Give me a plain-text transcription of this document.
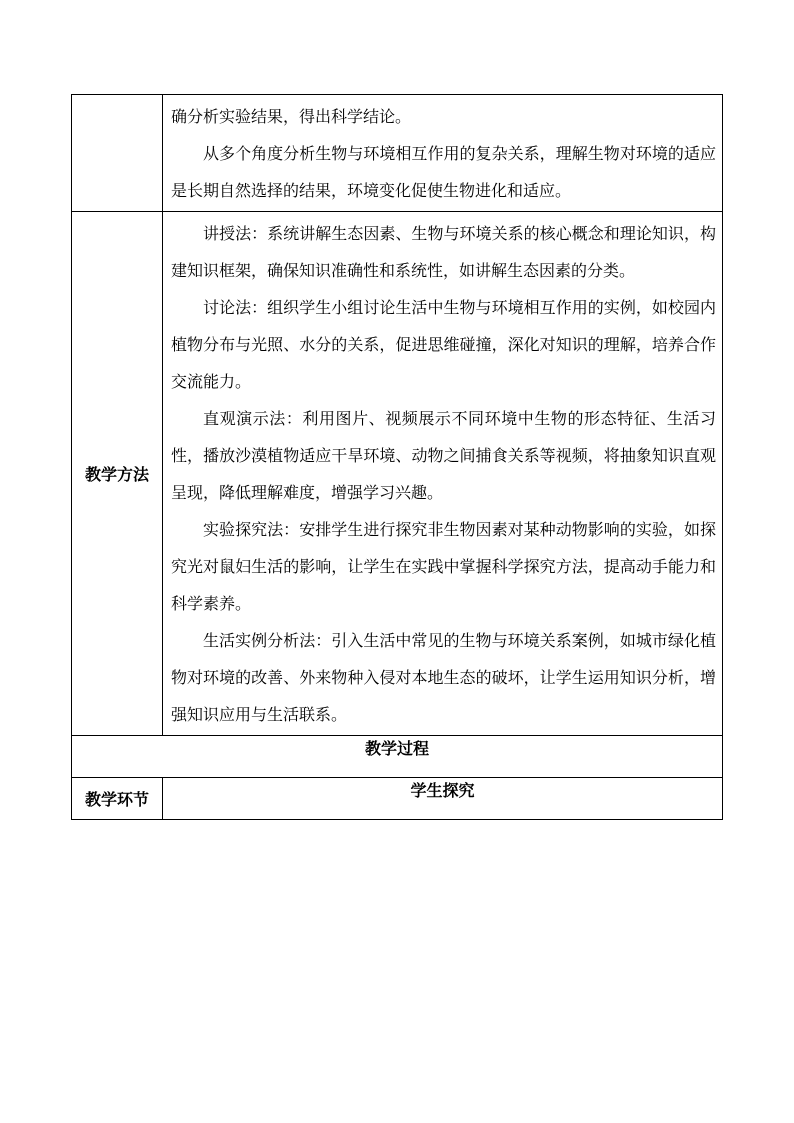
	确分析实验结果，得出科学结论。

从多个角度分析生物与环境相互作用的复杂关系，理解生物对环境的适应是长期自然选择的结果，环境变化促使生物进化和适应。

教学方法	讲授法：系统讲解生态因素、生物与环境关系的核心概念和理论知识，构建知识框架，确保知识准确性和系统性，如讲解生态因素的分类。

讨论法：组织学生小组讨论生活中生物与环境相互作用的实例，如校园内植物分布与光照、水分的关系，促进思维碰撞，深化对知识的理解，培养合作交流能力。

直观演示法：利用图片、视频展示不同环境中生物的形态特征、生活习性，播放沙漠植物适应干旱环境、动物之间捕食关系等视频，将抽象知识直观呈现，降低理解难度，增强学习兴趣。

实验探究法：安排学生进行探究非生物因素对某种动物影响的实验，如探究光对鼠妇生活的影响，让学生在实践中掌握科学探究方法，提高动手能力和科学素养。

生活实例分析法：引入生活中常见的生物与环境关系案例，如城市绿化植物对环境的改善、外来物种入侵对本地生态的破坏，让学生运用知识分析，增强知识应用与生活联系。

教学过程	
教学环节	学生探究
